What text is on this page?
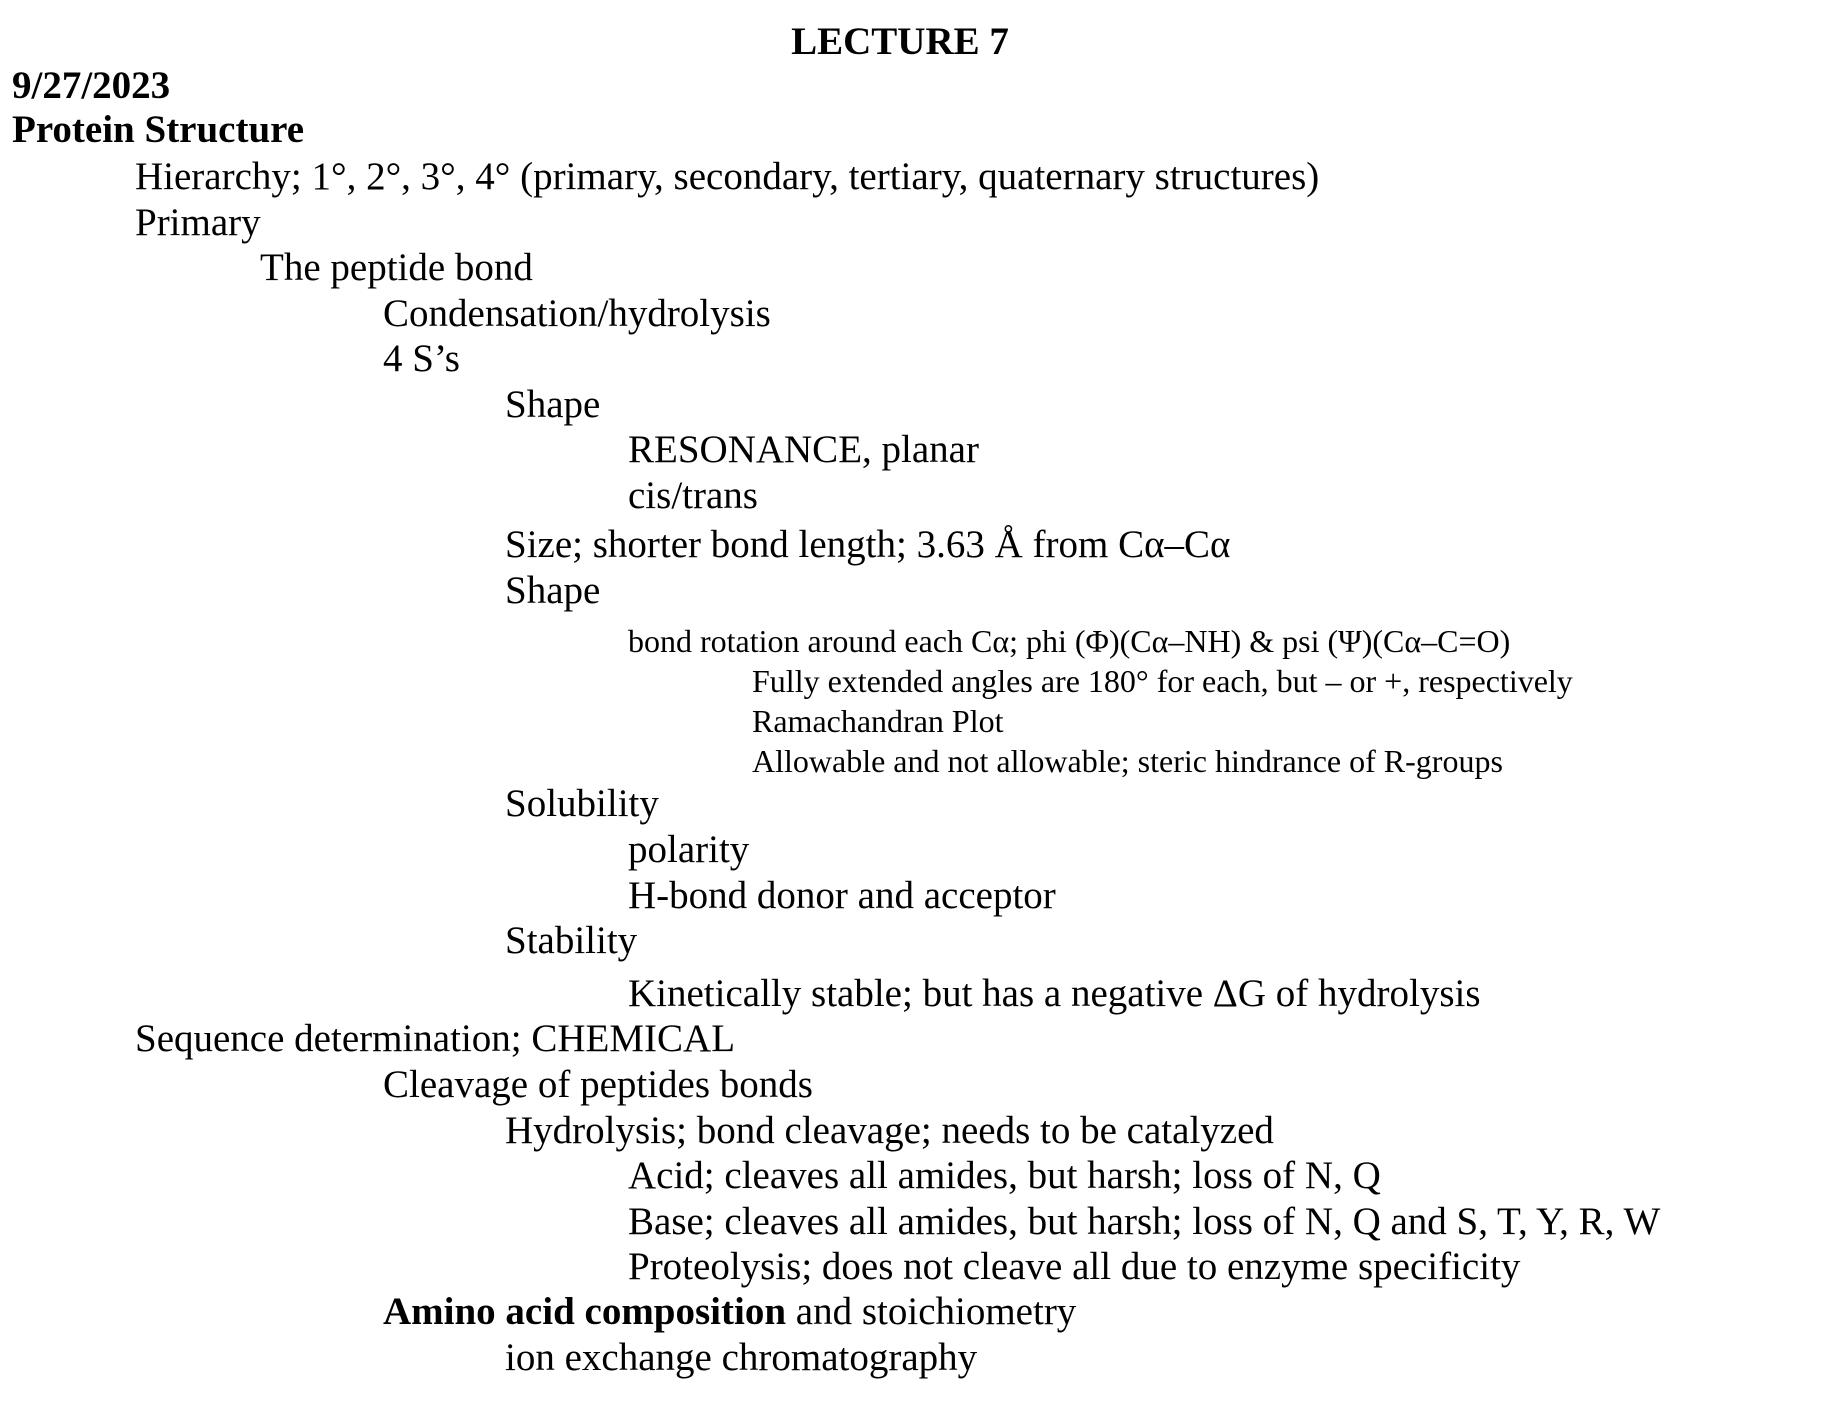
LECTURE 7
9/27/2023
Protein Structure
Hierarchy; 1°, 2°, 3°, 4° (primary, secondary, tertiary, quaternary structures)
Primary
The peptide bond
Condensation/hydrolysis
4 S’s
Shape
RESONANCE, planar
cis/trans
Size; shorter bond length; 3.63 Å from Cα–Cα
Shape
bond rotation around each Cα; phi (Φ)(Cα–NH) & psi (Ψ)(Cα–C=O)
Fully extended angles are 180° for each, but – or +, respectively
Ramachandran Plot
Allowable and not allowable; steric hindrance of R-groups
Solubility
polarity
H-bond donor and acceptor
Stability
Kinetically stable; but has a negative ΔG of hydrolysis
Sequence determination; CHEMICAL
Cleavage of peptides bonds
Hydrolysis; bond cleavage; needs to be catalyzed
Acid; cleaves all amides, but harsh; loss of N, Q
Base; cleaves all amides, but harsh; loss of N, Q and S, T, Y, R, W
Proteolysis; does not cleave all due to enzyme specificity
Amino acid composition and stoichiometry
ion exchange chromatography
